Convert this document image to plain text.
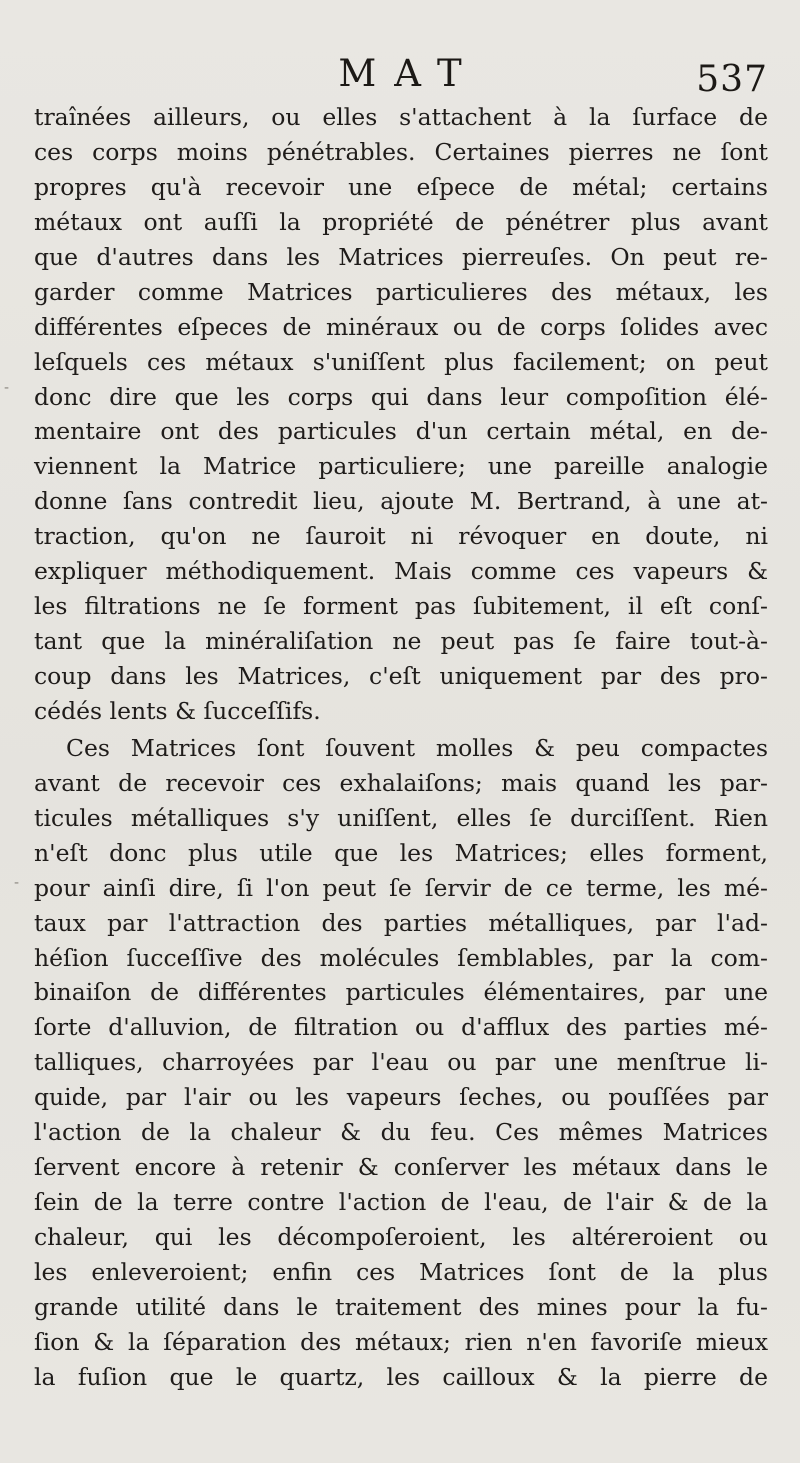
MAT	537
traînées ailleurs, ou elles s'attachent à la ſurface de
ces corps moins pénétrables. Certaines pierres ne ſont
propres qu'à recevoir une eſpece de métal; certains
métaux ont auſſi la propriété de pénétrer plus avant
que d'autres dans les Matrices pierreuſes. On peut re-
garder comme Matrices particulieres des métaux, les
différentes eſpeces de minéraux ou de corps ſolides avec
leſquels ces métaux s'uniſſent plus facilement; on peut
donc dire que les corps qui dans leur compoſition élé-
mentaire ont des particules d'un certain métal, en de-
viennent la Matrice particuliere; une pareille analogie
donne ſans contredit lieu, ajoute M. Bertrand, à une at-
traction, qu'on ne ſauroit ni révoquer en doute, ni
expliquer méthodiquement. Mais comme ces vapeurs &
les filtrations ne ſe forment pas ſubitement, il eſt conſ-
tant que la minéraliſation ne peut pas ſe faire tout-à-
coup dans les Matrices, c'eſt uniquement par des pro-
cédés lents & ſucceſſifs.
Ces Matrices ſont ſouvent molles & peu compactes
avant de recevoir ces exhalaiſons; mais quand les par-
ticules métalliques s'y uniſſent, elles ſe durciſſent. Rien
n'eſt donc plus utile que les Matrices; elles forment,
pour ainſi dire, ſi l'on peut ſe ſervir de ce terme, les mé-
taux par l'attraction des parties métalliques, par l'ad-
héſion ſucceſſive des molécules ſemblables, par la com-
binaiſon de différentes particules élémentaires, par une
ſorte d'alluvion, de filtration ou d'afflux des parties mé-
talliques, charroyées par l'eau ou par une menſtrue li-
quide, par l'air ou les vapeurs ſeches, ou pouſſées par
l'action de la chaleur & du feu. Ces mêmes Matrices
ſervent encore à retenir & conſerver les métaux dans le
ſein de la terre contre l'action de l'eau, de l'air & de la
chaleur, qui les décompoſeroient, les altéreroient ou
les enleveroient; enfin ces Matrices ſont de la plus
grande utilité dans le traitement des mines pour la fu-
ſion & la ſéparation des métaux; rien n'en favoriſe mieux
la fuſion que le quartz, les cailloux & la pierre de
-
-
